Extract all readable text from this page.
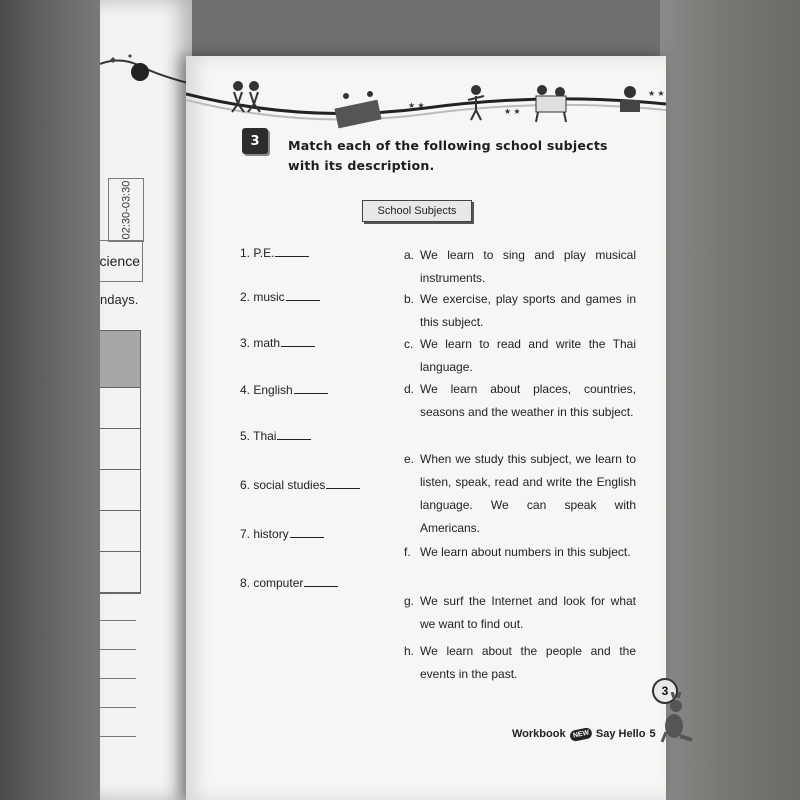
02:30-03:30
cience
ndays.
★ ★
★ ★
★ ★
3 Match each of the following school subjects
with its description.
School Subjects
1. P.E.
2. music
3. math
4. English
5. Thai
6. social studies
7. history
8. computer
a. We learn to sing and play musical instruments.
b. We exercise, play sports and games in this subject.
c. We learn to read and write the Thai language.
d. We learn about places, countries, seasons and the weather in this subject.
e. When we study this subject, we learn to listen, speak, read and write the English language. We can speak with Americans.
f. We learn about numbers in this subject.
g. We surf the Internet and look for what we want to find out.
h. We learn about the people and the events in the past.
3
Workbook NEW Say Hello 5
